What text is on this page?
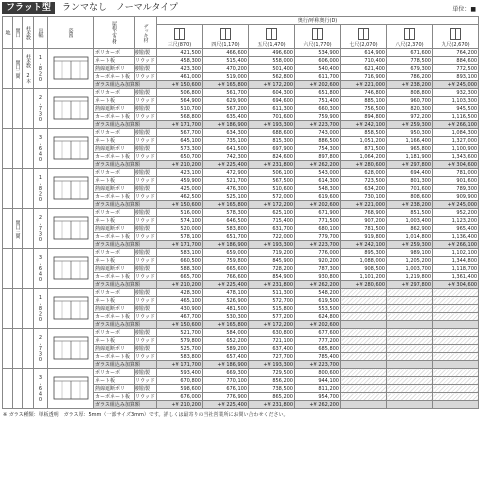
フラット型	ランマなし　ノーマルタイプ	単位：■
地	間口	柱本数	出幅	姿図	屋根ふき材	デッキ材	奥行/呼称奥行(D)						

							三尺(870)	四尺(1,170)	五尺(1,470)	六尺(1,770)	七尺(2,070)	八尺(2,370)	九尺(2,670)

	間口二間	柱本数 2本	1,820		ポリカーボ	樹脂製	421,500	466,600	496,600	534,900	614,900	671,600	764,200
					ネート板	リウッド	458,300	515,400	558,000	606,000	710,400	778,500	884,600
					熱線遮断ポリ	樹脂製	423,300	470,200	501,400	540,400	621,400	679,300	772,500
					カーボネート板	リウッド	461,000	519,000	562,800	611,700	716,900	786,200	893,100
					ガラス組込み加算額		+¥ 150,600	+¥ 165,800	+¥ 172,200	+¥ 202,600	+¥ 221,000	+¥ 238,200	+¥ 245,000
			2,730		ポリカーボ	樹脂製	506,800	561,700	604,300	651,800	746,800	808,800	932,300
					ネート板	リウッド	564,900	629,900	694,600	751,400	885,100	960,700	1,103,300
					熱線遮断ポリ	樹脂製	510,700	567,200	611,300	660,300	756,500	820,300	945,500
					カーボネート板	リウッド	568,800	635,400	701,600	759,900	894,800	972,200	1,116,500
					ガラス組込み加算額		+¥ 171,700	+¥ 186,900	+¥ 193,300	+¥ 223,700	+¥ 242,100	+¥ 259,300	+¥ 266,100
			3,640		ポリカーボ	樹脂製	567,700	634,300	688,600	743,000	858,500	950,300	1,084,300
					ネート板	リウッド	645,100	735,100	815,300	886,500	1,051,200	1,166,400	1,327,000
					熱線遮断ポリ	樹脂製	573,300	641,500	697,900	754,300	871,500	965,800	1,100,900
					カーボネート板	リウッド	650,700	742,300	824,600	897,800	1,064,200	1,181,900	1,343,600
					ガラス組込み加算額		+¥ 210,200	+¥ 225,400	+¥ 231,800	+¥ 262,200	+¥ 280,600	+¥ 297,800	+¥ 304,600
			1,820		ポリカーボ	樹脂製	423,100	472,900	506,100	543,000	628,000	694,400	781,000
					ネート板	リウッド	459,900	521,700	567,500	614,300	723,500	801,300	901,600
					熱線遮断ポリ	樹脂製	425,000	476,300	510,600	548,300	634,200	701,600	789,300
					カーボネート板	リウッド	462,500	525,100	572,000	619,600	730,100	808,600	909,900
					ガラス組込み加算額		+¥ 150,600	+¥ 165,800	+¥ 172,200	+¥ 202,600	+¥ 221,000	+¥ 238,200	+¥ 245,000
	間口三間		2,730		ポリカーボ	樹脂製	516,000	578,300	625,100	671,900	768,900	851,500	952,200
					ネート板	リウッド	574,100	646,500	715,400	771,500	907,200	1,003,400	1,123,200
					熱線遮断ポリ	樹脂製	520,000	583,800	631,700	680,100	781,500	862,900	965,400
					カーボネート板	リウッド	578,100	651,700	722,000	779,700	919,800	1,014,800	1,136,400
					ガラス組込み加算額		+¥ 171,700	+¥ 186,900	+¥ 193,300	+¥ 223,700	+¥ 242,100	+¥ 259,300	+¥ 266,100
			3,640		ポリカーボ	樹脂製	583,100	659,000	719,200	776,000	895,300	989,100	1,102,100
					ネート板	リウッド	660,500	759,800	845,900	920,200	1,088,000	1,205,200	1,344,800
					熱線遮断ポリ	樹脂製	588,300	665,600	728,200	787,300	908,500	1,003,700	1,118,700
					カーボネート板	リウッド	665,700	766,600	854,900	930,800	1,101,200	1,219,800	1,361,400
					ガラス組込み加算額		+¥ 210,200	+¥ 225,400	+¥ 231,800	+¥ 262,200	+¥ 280,600	+¥ 297,800	+¥ 304,600
			1,820		ポリカーボ	樹脂製	428,300	478,100	511,300	548,200			
					ネート板	リウッド	465,100	526,900	572,700	619,500			
					熱線遮断ポリ	樹脂製	430,900	481,500	515,800	553,500			
					カーボネート板	リウッド	467,700	530,300	577,200	624,800			
					ガラス組込み加算額		+¥ 150,600	+¥ 165,800	+¥ 172,200	+¥ 202,600			
			2,730		ポリカーボ	樹脂製	521,700	584,000	630,800	677,600			
					ネート板	リウッド	579,800	652,200	721,100	777,200			
					熱線遮断ポリ	樹脂製	525,700	589,200	637,400	685,800			
					カーボネート板	リウッド	583,800	657,400	727,700	785,400			
					ガラス組込み加算額		+¥ 171,700	+¥ 186,900	+¥ 193,300	+¥ 223,700			
			3,640		ポリカーボ	樹脂製	593,400	669,300	729,500	800,600			
					ネート板	リウッド	670,800	770,100	856,200	944,100			
					熱線遮断ポリ	樹脂製	598,600	676,100	738,500	811,200			
					カーボネート板	リウッド	676,000	776,900	865,200	954,700			
					ガラス組込み加算額		+¥ 210,200	+¥ 225,400	+¥ 231,800	+¥ 262,200			
※ ガラス種類：単板透明　ガラス厚：5mm（一部サイズ3mm）です。詳しくは最寄りの当社営業所にお問い合わせください。
